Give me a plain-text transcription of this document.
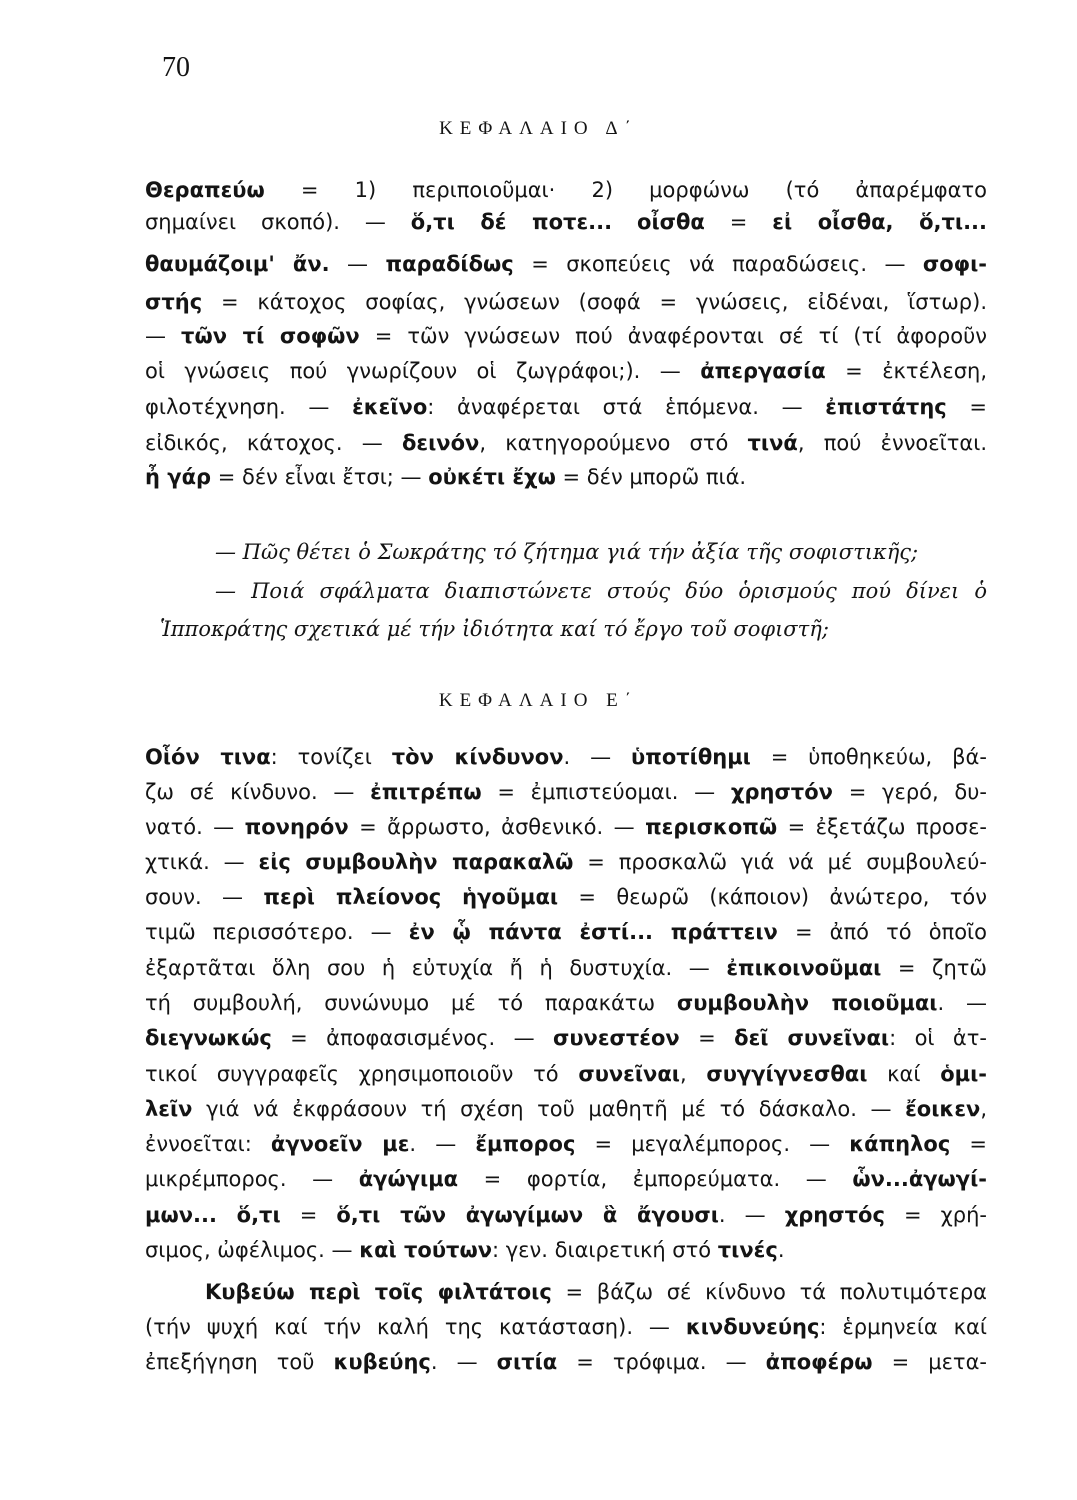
70
ΚΕΦΑΛΑΙΟ Δ΄
Θεραπεύω = 1) περιποιοῦμαι· 2) μορφώνω (τό ἀπαρέμφατο
σημαίνει σκοπό). — ὅ,τι δέ ποτε... οἶσθα = εἰ οἶσθα, ὅ,τι...
θαυμάζοιμ' ἄν. — παραδίδως = σκοπεύεις νά παραδώσεις. — σοφι-
στής = κάτοχος σοφίας, γνώσεων (σοφά = γνώσεις, εἰδέναι, ἵστωρ).
— τῶν τί σοφῶν = τῶν γνώσεων πού ἀναφέρονται σέ τί (τί ἀφοροῦν
οἱ γνώσεις πού γνωρίζουν οἱ ζωγράφοι;). — ἀπεργασία = ἐκτέλεση,
φιλοτέχνηση. — ἐκεῖνο: ἀναφέρεται στά ἑπόμενα. — ἐπιστάτης =
εἰδικός, κάτοχος. — δεινόν, κατηγορούμενο στό τινά, πού ἐννοεῖται.
ἦ γάρ = δέν εἶναι ἔτσι; — οὐκέτι ἔχω = δέν μπορῶ πιά.
— Πῶς θέτει ὁ Σωκράτης τό ζήτημα γιά τήν ἀξία τῆς σοφιστικῆς;
— Ποιά σφάλματα διαπιστώνετε στούς δύο ὁρισμούς πού δίνει ὁ
Ἱπποκράτης σχετικά μέ τήν ἰδιότητα καί τό ἔργο τοῦ σοφιστῆ;
ΚΕΦΑΛΑΙΟ Ε΄
Οἷόν τινα: τονίζει τὸν κίνδυνον. — ὑποτίθημι = ὑποθηκεύω, βά-
ζω σέ κίνδυνο. — ἐπιτρέπω = ἐμπιστεύομαι. — χρηστόν = γερό, δυ-
νατό. — πονηρόν = ἄρρωστο, ἀσθενικό. — περισκοπῶ = ἐξετάζω προσε-
χτικά. — εἰς συμβουλὴν παρακαλῶ = προσκαλῶ γιά νά μέ συμβουλεύ-
σουν. — περὶ πλείονος ἡγοῦμαι = θεωρῶ (κάποιον) ἀνώτερο, τόν
τιμῶ περισσότερο. — ἐν ᾧ πάντα ἐστί... πράττειν = ἀπό τό ὁποῖο
ἐξαρτᾶται ὅλη σου ἡ εὐτυχία ἤ ἡ δυστυχία. — ἐπικοινοῦμαι = ζητῶ
τή συμβουλή, συνώνυμο μέ τό παρακάτω συμβουλὴν ποιοῦμαι. —
διεγνωκώς = ἀποφασισμένος. — συνεστέον = δεῖ συνεῖναι: οἱ ἀτ-
τικοί συγγραφεῖς χρησιμοποιοῦν τό συνεῖναι, συγγίγνεσθαι καί ὁμι-
λεῖν γιά νά ἐκφράσουν τή σχέση τοῦ μαθητῆ μέ τό δάσκαλο. — ἔοικεν,
ἐννοεῖται: ἀγνοεῖν με. — ἔμπορος = μεγαλέμπορος. — κάπηλος =
μικρέμπορος. — ἀγώγιμα = φορτία, ἐμπορεύματα. — ὧν...ἀγωγί-
μων... ὅ,τι = ὅ,τι τῶν ἀγωγίμων ἃ ἄγουσι. — χρηστός = χρή-
σιμος, ὠφέλιμος. — καὶ τούτων: γεν. διαιρετική στό τινές.
Κυβεύω περὶ τοῖς φιλτάτοις = βάζω σέ κίνδυνο τά πολυτιμότερα
(τήν ψυχή καί τήν καλή της κατάσταση). — κινδυνεύης: ἑρμηνεία καί
ἐπεξήγηση τοῦ κυβεύης. — σιτία = τρόφιμα. — ἀποφέρω = μετα-
